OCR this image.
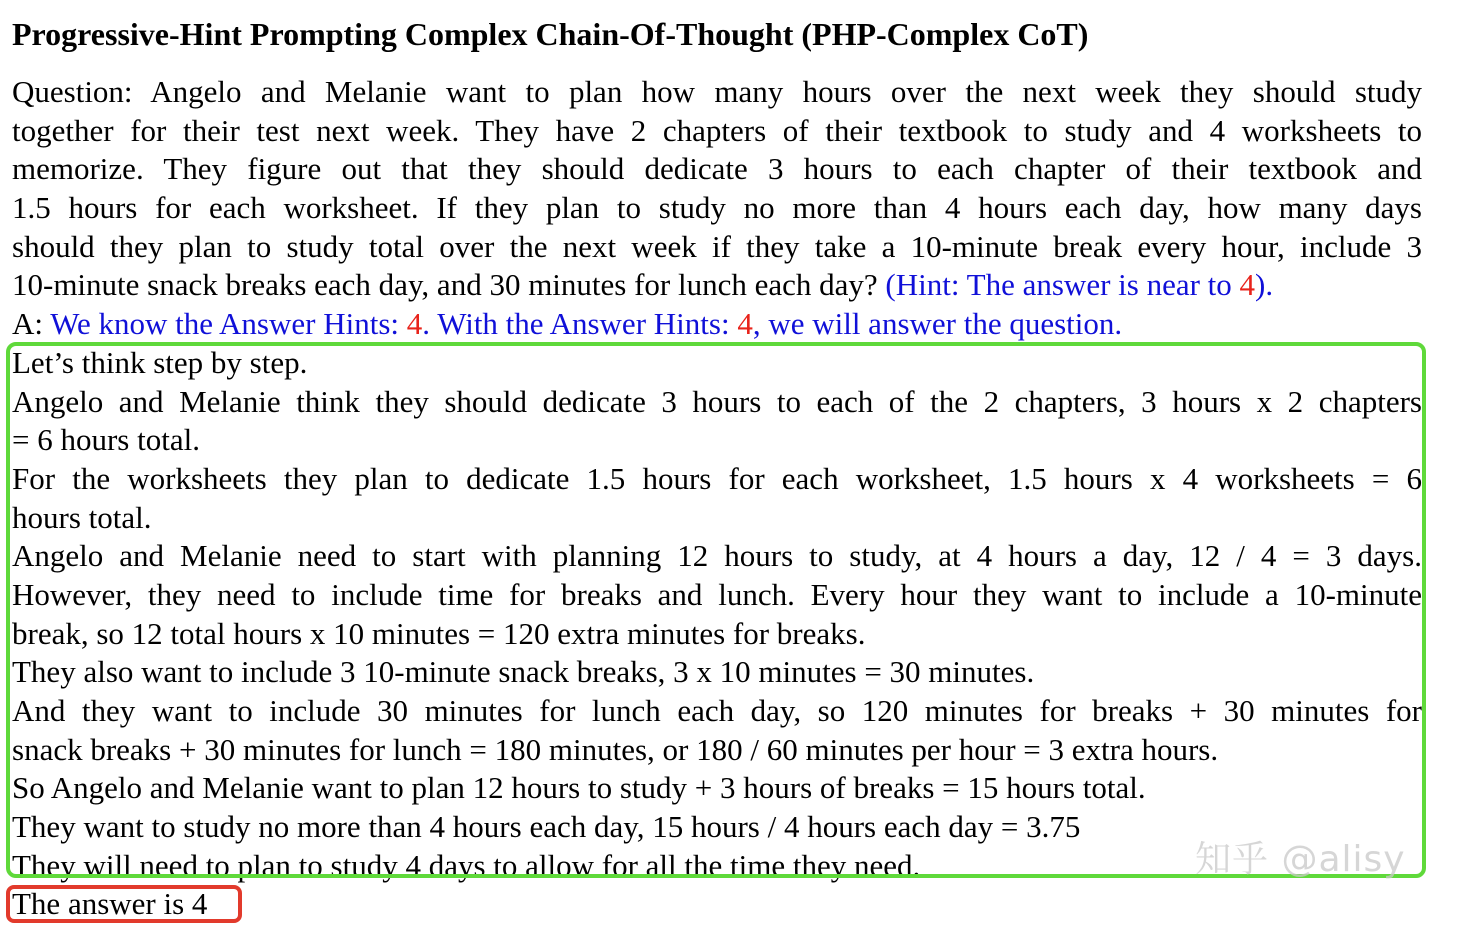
Progressive-Hint Prompting Complex Chain-Of-Thought (PHP-Complex CoT)
Question: Angelo and Melanie want to plan how many hours over the next week they should study
together for their test next week. They have 2 chapters of their textbook to study and 4 worksheets to
memorize. They figure out that they should dedicate 3 hours to each chapter of their textbook and
1.5 hours for each worksheet. If they plan to study no more than 4 hours each day, how many days
should they plan to study total over the next week if they take a 10-minute break every hour, include 3
10-minute snack breaks each day, and 30 minutes for lunch each day? (Hint: The answer is near to 4).
A: We know the Answer Hints: 4. With the Answer Hints: 4, we will answer the question.
Let’s think step by step.
Angelo and Melanie think they should dedicate 3 hours to each of the 2 chapters, 3 hours x 2 chapters
= 6 hours total.
For the worksheets they plan to dedicate 1.5 hours for each worksheet, 1.5 hours x 4 worksheets = 6
hours total.
Angelo and Melanie need to start with planning 12 hours to study, at 4 hours a day, 12 / 4 = 3 days.
However, they need to include time for breaks and lunch. Every hour they want to include a 10-minute
break, so 12 total hours x 10 minutes = 120 extra minutes for breaks.
They also want to include 3 10-minute snack breaks, 3 x 10 minutes = 30 minutes.
And they want to include 30 minutes for lunch each day, so 120 minutes for breaks + 30 minutes for
snack breaks + 30 minutes for lunch = 180 minutes, or 180 / 60 minutes per hour = 3 extra hours.
So Angelo and Melanie want to plan 12 hours to study + 3 hours of breaks = 15 hours total.
They want to study no more than 4 hours each day, 15 hours / 4 hours each day = 3.75
They will need to plan to study 4 days to allow for all the time they need.
The answer is 4
知乎 @alisy
